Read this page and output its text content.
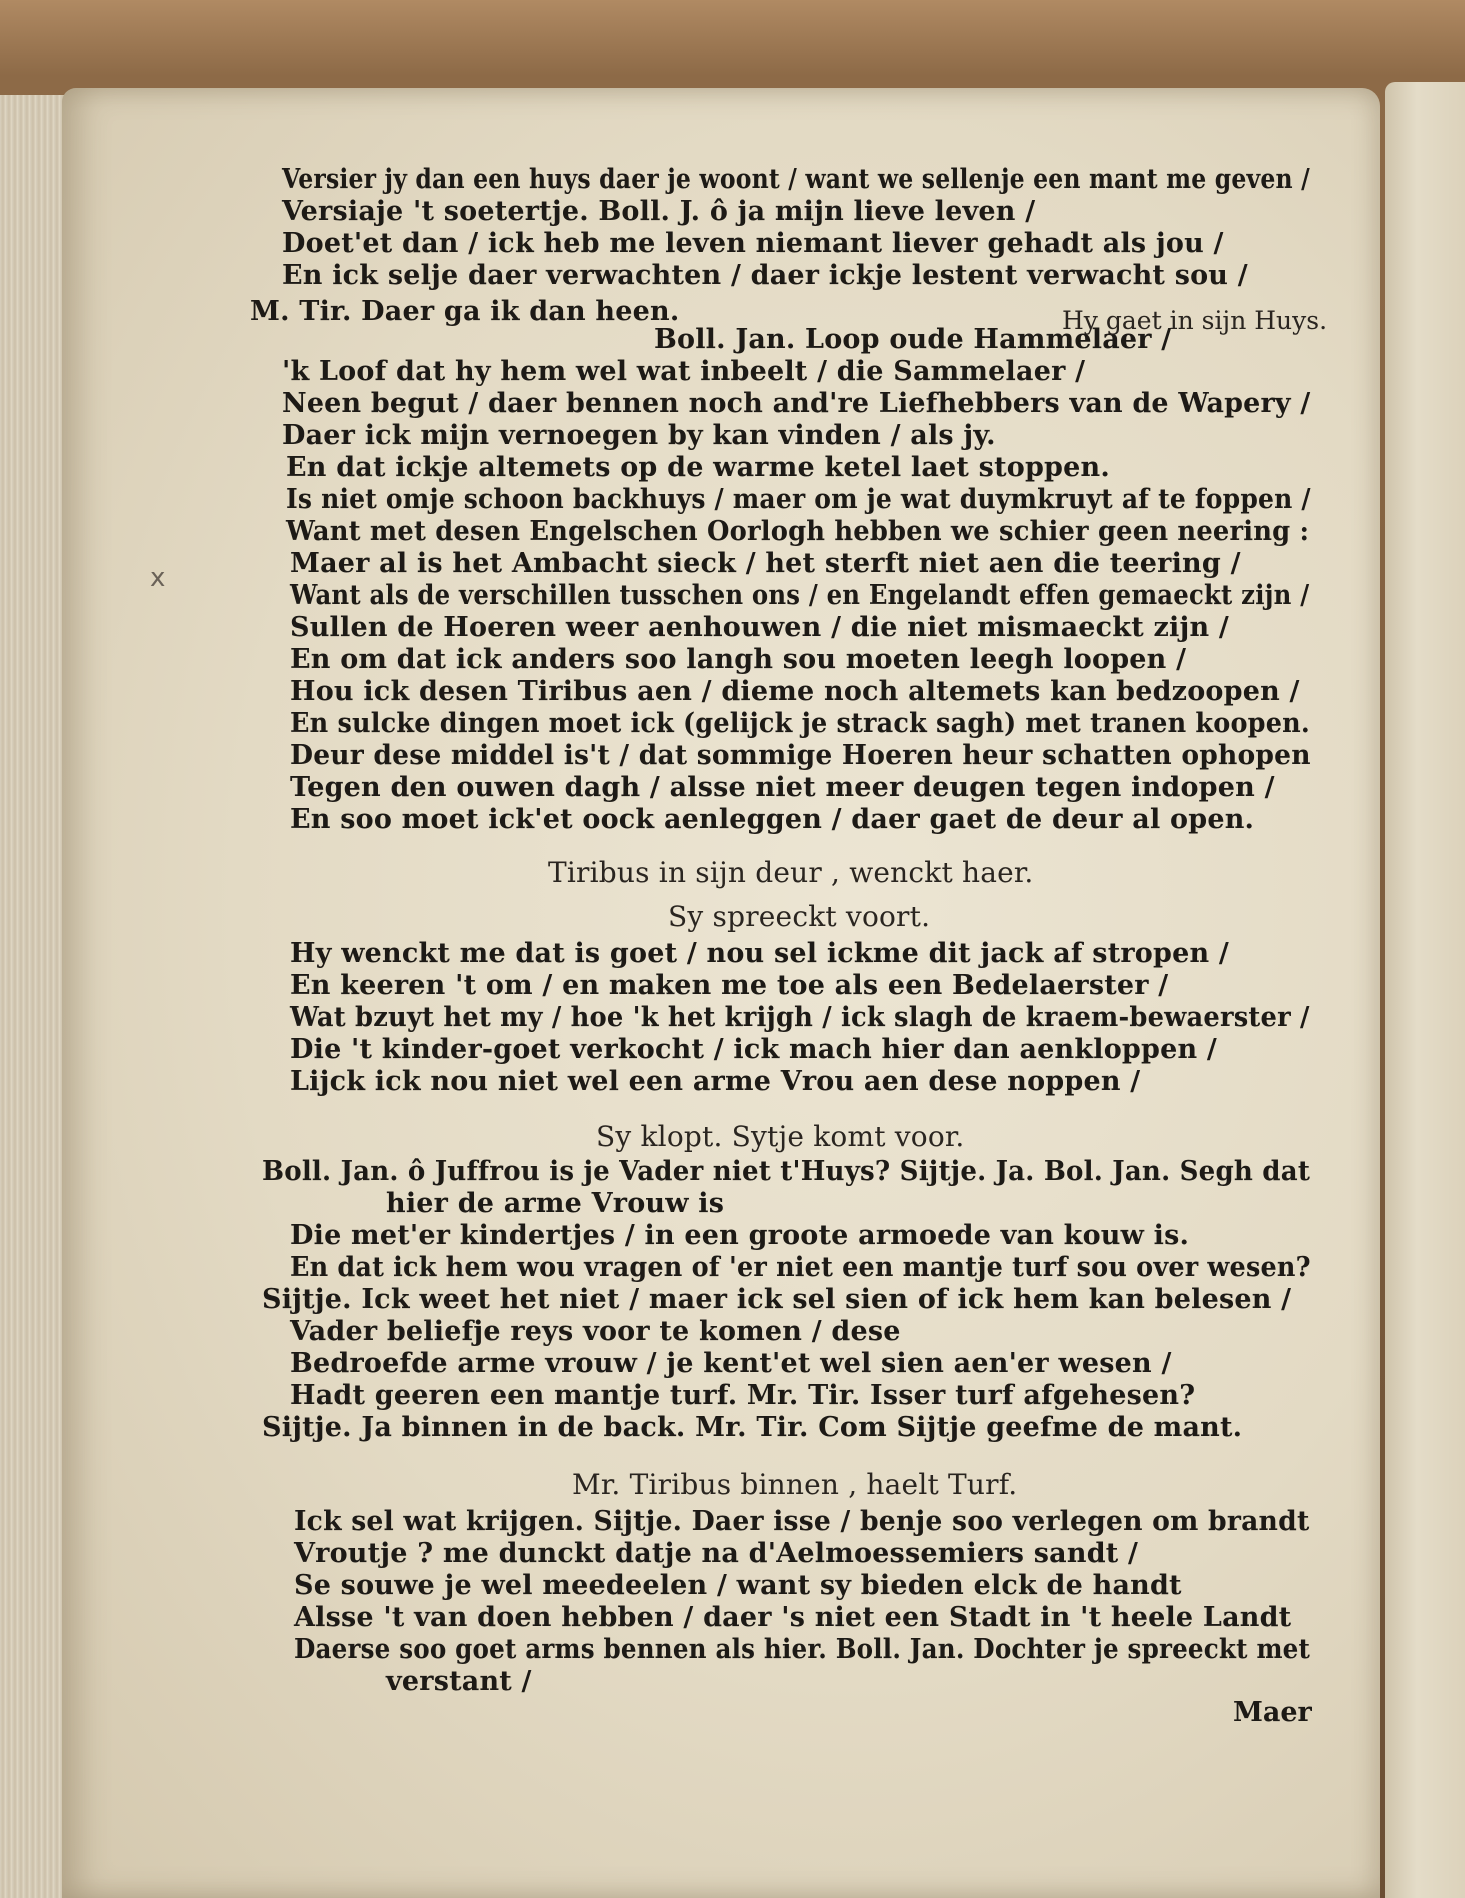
Versier jy dan een huys daer je woont / want we sellenje een mant me geven /
Versiaje 't soetertje. Boll. J. ô ja mijn lieve leven /
Doet'et dan / ick heb me leven niemant liever gehadt als jou /
En ick selje daer verwachten / daer ickje lestent verwacht sou /
M. Tir. Daer ga ik dan heen.
Boll. Jan. Loop oude Hammelaer /
'k Loof dat hy hem wel wat inbeelt / die Sammelaer /
Neen begut / daer bennen noch and're Liefhebbers van de Wapery /
Daer ick mijn vernoegen by kan vinden / als jy.
En dat ickje altemets op de warme ketel laet stoppen.
Is niet omje schoon backhuys / maer om je wat duymkruyt af te foppen /
Want met desen Engelschen Oorlogh hebben we schier geen neering :
Maer al is het Ambacht sieck / het sterft niet aen die teering /
Want als de verschillen tusschen ons / en Engelandt effen gemaeckt zijn /
Sullen de Hoeren weer aenhouwen / die niet mismaeckt zijn /
En om dat ick anders soo langh sou moeten leegh loopen /
Hou ick desen Tiribus aen / dieme noch altemets kan bedzoopen /
En sulcke dingen moet ick (gelijck je strack sagh) met tranen koopen.
Deur dese middel is't / dat sommige Hoeren heur schatten ophopen
Tegen den ouwen dagh / alsse niet meer deugen tegen indopen /
En soo moet ick'et oock aenleggen / daer gaet de deur al open.
Tiribus in sijn deur , wenckt haer.
Sy spreeckt voort.
Hy wenckt me dat is goet / nou sel ickme dit jack af stropen /
En keeren 't om / en maken me toe als een Bedelaerster /
Wat bzuyt het my / hoe 'k het krijgh / ick slagh de kraem-bewaerster /
Die 't kinder-goet verkocht / ick mach hier dan aenkloppen /
Lijck ick nou niet wel een arme Vrou aen dese noppen /
Sy klopt. Sytje komt voor.
Boll. Jan. ô Juffrou is je Vader niet t'Huys? Sijtje. Ja. Bol. Jan. Segh dat
hier de arme Vrouw is
Die met'er kindertjes / in een groote armoede van kouw is.
En dat ick hem wou vragen of 'er niet een mantje turf sou over wesen?
Sijtje. Ick weet het niet / maer ick sel sien of ick hem kan belesen /
Vader beliefje reys voor te komen / dese
Bedroefde arme vrouw / je kent'et wel sien aen'er wesen /
Hadt geeren een mantje turf. Mr. Tir. Isser turf afgehesen?
Sijtje. Ja binnen in de back. Mr. Tir. Com Sijtje geefme de mant.
Mr. Tiribus binnen , haelt Turf.
Ick sel wat krijgen. Sijtje. Daer isse / benje soo verlegen om brandt
Vroutje ? me dunckt datje na d'Aelmoessemiers sandt /
Se souwe je wel meedeelen / want sy bieden elck de handt
Alsse 't van doen hebben / daer 's niet een Stadt in 't heele Landt
Daerse soo goet arms bennen als hier. Boll. Jan. Dochter je spreeckt met
verstant /
Hy gaet in sijn Huys.
x
Maer
